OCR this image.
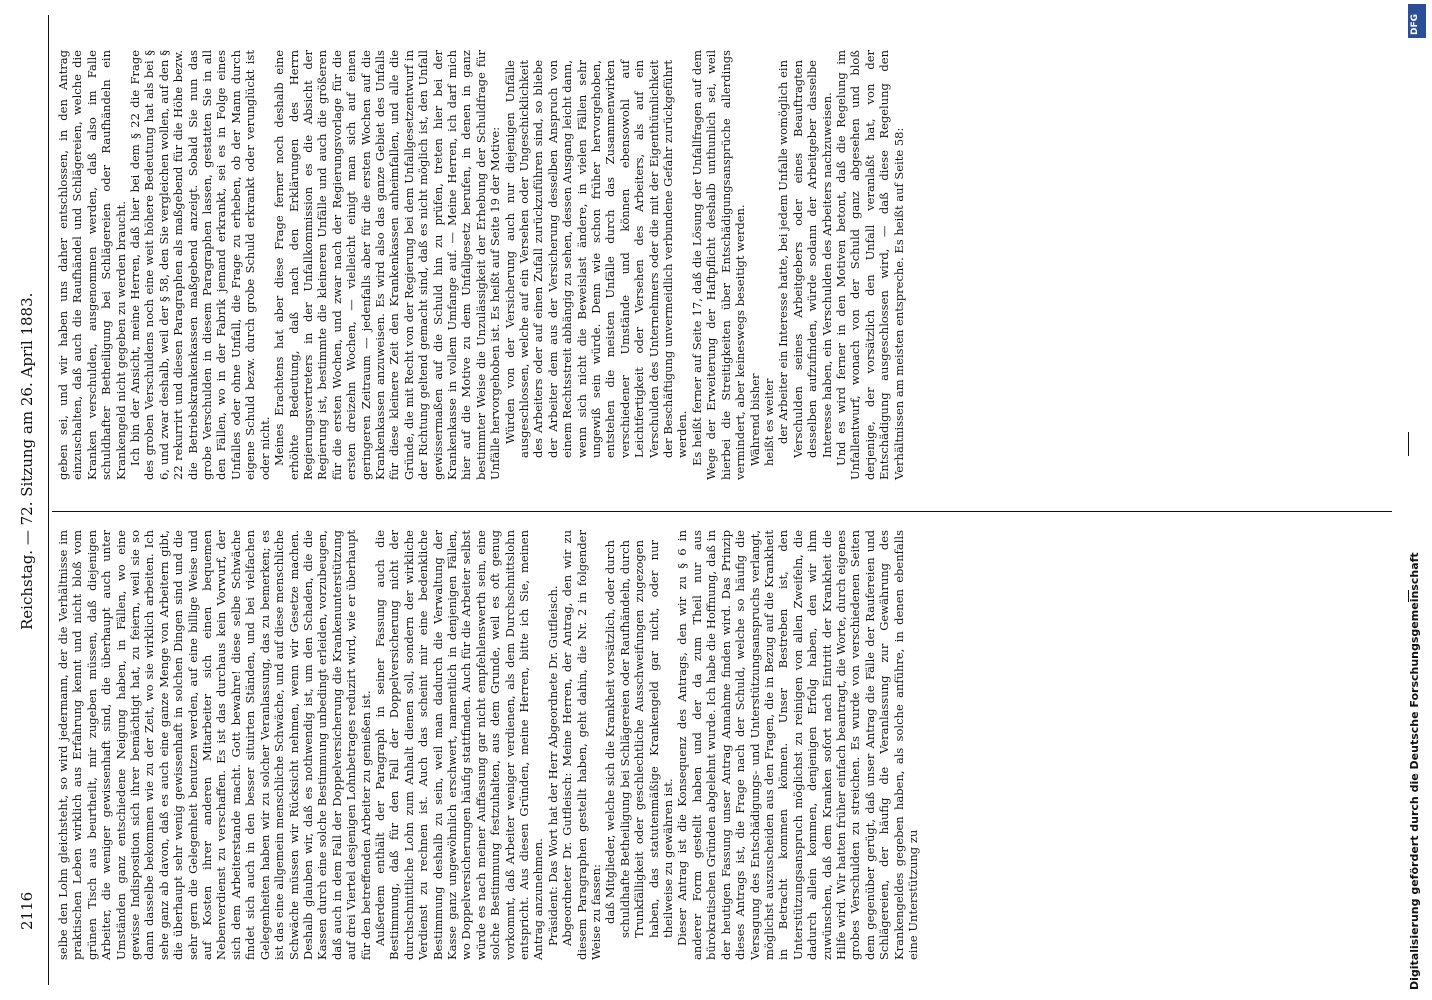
2116
Reichstag. — 72. Sitzung am 26. April 1883.

selbe den Lohn gleichsteht, so wird jedermann, der die Verhältnisse im praktischen Leben wirklich aus Erfahrung kennt und nicht bloß vom grünen Tisch aus beurtheilt, mir zugeben müssen, daß diejenigen Arbeiter, die weniger gewissenhaft sind, die überhaupt auch unter Umständen ganz entschiedene Neigung haben, in Fällen, wo eine gewisse Indisposition sich ihrer bemächtigt hat, zu feiern, weil sie so dann dasselbe bekommen wie zu der Zeit, wo sie wirklich arbeiten. Ich sehe ganz ab davon, daß es auch eine ganze Menge von Arbeitern gibt, die überhaupt sehr wenig gewissenhaft in solchen Dingen sind und die sehr gern die Gelegenheit benutzen werden, auf eine billige Weise und auf Kosten ihrer anderen Mitarbeiter sich einen bequemen Nebenverdienst zu verschaffen. Es ist das durchaus kein Vorwurf, der sich dem Arbeiterstande macht. Gott bewahre! diese selbe Schwäche findet sich auch in den besser situirten Ständen, und bei vielfachen Gelegenheiten haben wir zu solcher Veranlassung, das zu bemerken; es ist das eine allgemein menschliche Schwäche, und auf diese menschliche Schwäche müssen wir Rücksicht nehmen, wenn wir Gesetze machen. Deshalb glauben wir, daß es nothwendig ist, um den Schaden, die die Kassen durch eine solche Bestimmung unbedingt erleiden, vorzubeugen, daß auch in dem Fall der Doppelversicherung die Krankenunterstützung auf drei Viertel desjenigen Lohnbetrages reduzirt wird, wie er überhaupt für den betreffenden Arbeiter zu genießen ist. Außerdem enthält der Paragraph in seiner Fassung auch die Bestimmung, daß für den Fall der Doppelversicherung nicht der durchschnittliche Lohn zum Anhalt dienen soll, sondern der wirkliche Verdienst zu rechnen ist. Auch das scheint mir eine bedenkliche Bestimmung deshalb zu sein, weil man dadurch die Verwaltung der Kasse ganz ungewöhnlich erschwert, namentlich in denjenigen Fällen, wo Doppelversicherungen häufig stattfinden. Auch für die Arbeiter selbst würde es nach meiner Auffassung gar nicht empfehlenswerth sein, eine solche Bestimmung festzuhalten, aus dem Grunde, weil es oft genug vorkommt, daß Arbeiter weniger verdienen, als dem Durchschnittslohn entspricht. Aus diesen Gründen, meine Herren, bitte ich Sie, meinen Antrag anzunehmen. Präsident: Das Wort hat der Herr Abgeordnete Dr. Gutfleisch. Abgeordneter Dr. Gutfleisch: Meine Herren, der Antrag, den wir zu diesem Paragraphen gestellt haben, geht dahin, die Nr. 2 in folgender Weise zu fassen: daß Mitglieder, welche sich die Krankheit vorsätzlich, oder durch schuldhafte Betheiligung bei Schlägereien oder Raufhändeln, durch Trunkfälligkeit oder geschlechtliche Ausschweifungen zugezogen haben, das statutenmäßige Krankengeld gar nicht, oder nur theilweise zu gewähren ist. Dieser Antrag ist die Konsequenz des Antrags, den wir zu § 6 in anderer Form gestellt haben und der da zum Theil nur aus bürokratischen Gründen abgelehnt wurde. Ich habe die Hoffnung, daß in der heutigen Fassung unser Antrag Annahme finden wird. Das Prinzip dieses Antrags ist, die Frage nach der Schuld, welche so häufig die Versagung des Entschädigungs- und Unterstützungsanspruchs verlangt, möglichst auszuscheiden aus den Fragen, die in Bezug auf die Krankheit in Betracht kommen können. Unser Bestreben ist, den Unterstützungsanspruch möglichst zu reinigen von allen Zweifeln, die dadurch allein kommen, denjenigen Erfolg haben, den wir ihm zuwünschen, daß dem Kranken sofort nach Eintritt der Krankheit die Hilfe wird. Wir hatten früher einfach beantragt, die Worte, durch eigenes grobes Verschulden zu streichen. Es wurde von verschiedenen Seiten dem gegenüber gerügt, daß unser Antrag die Fälle der Raufereien und Schlägereien, der häufig die Veranlassung zur Gewährung des Krankengeldes gegeben haben, als solche anführe, in denen ebenfalls eine Unterstützung zu

geben sei, und wir haben uns daher entschlossen, in den Antrag einzuschalten, daß auch die Raufhändel und Schlägereien, welche die Kranken verschulden, ausgenommen werden, daß also im Falle schuldhafter Betheiligung bei Schlägereien oder Raufhändeln ein Krankengeld nicht gegeben zu werden braucht. Ich bin der Ansicht, meine Herren, daß hier bei dem § 22 die Frage des groben Verschuldens noch eine weit höhere Bedeutung hat als bei § 6, und zwar deshalb, weil der § 58, den Sie vergleichen wollen, auf den § 22 rekurrirt und diesen Paragraphen als maßgebend für die Höhe bezw. die Betriebskrankenkassen maßgebend anzeigt. Sobald Sie nun das grobe Verschulden in diesem Paragraphen lassen, gestatten Sie in all den Fällen, wo in der Fabrik jemand erkrankt, sei es in Folge eines Unfalles oder ohne Unfall, die Frage zu erheben, ob der Mann durch eigene Schuld bezw. durch grobe Schuld erkrankt oder verunglückt ist oder nicht. Meines Erachtens hat aber diese Frage ferner noch deshalb eine erhöhte Bedeutung, daß nach den Erklärungen des Herrn Regierungsvertreters in der Unfallkommission es die Absicht der Regierung ist, bestimmte die kleineren Unfälle und auch die größeren für die ersten Wochen, und zwar nach der Regierungsvorlage für die ersten dreizehn Wochen, — vielleicht einigt man sich auf einen geringeren Zeitraum — jedenfalls aber für die ersten Wochen auf die Krankenkassen anzuweisen. Es wird also das ganze Gebiet des Unfalls für diese kleinere Zeit den Krankenkassen anheimfallen, und alle die Gründe, die mit Recht von der Regierung bei dem Unfallgesetzentwurf in der Richtung geltend gemacht sind, daß es nicht möglich ist, den Unfall gewissermaßen auf die Schuld hin zu prüfen, treten hier bei der Krankenkasse in vollem Umfange auf. — Meine Herren, ich darf mich hier auf die Motive zu dem Unfallgesetz berufen, in denen in ganz bestimmter Weise die Unzulässigkeit der Erhebung der Schuldfrage für Unfälle hervorgehoben ist. Es heißt auf Seite 19 der Motive: Würden von der Versicherung auch nur diejenigen Unfälle ausgeschlossen, welche auf ein Versehen oder Ungeschicklichkeit des Arbeiters oder auf einen Zufall zurückzuführen sind, so bliebe der Arbeiter dem aus der Versicherung desselben Anspruch von einem Rechtsstreit abhängig zu sehen, dessen Ausgang leicht dann, wenn sich nicht die Beweislast ändere, in vielen Fällen sehr ungewiß sein würde. Denn wie schon früher hervorgehoben, entstehen die meisten Unfälle durch das Zusammenwirken verschiedener Umstände und können ebensowohl auf Leichtfertigkeit oder Versehen des Arbeiters, als auf ein Verschulden des Unternehmers oder die mit der Eigenthümlichkeit der Beschäftigung unvermeidlich verbundene Gefahr zurückgeführt werden. Es heißt ferner auf Seite 17, daß die Lösung der Unfallfragen auf dem Wege der Erweiterung der Haftpflicht deshalb unthunlich sei, weil hierbei die Streitigkeiten über Entschädigungsansprüche allerdings vermindert, aber keineswegs beseitigt werden. Während bisher heißt es weiter der Arbeiter ein Interesse hatte, bei jedem Unfalle womöglich ein Verschulden seines Arbeitgebers oder eines Beauftragten desselben aufzufinden, würde sodann der Arbeitgeber dasselbe Interesse haben, ein Verschulden des Arbeiters nachzuweisen. Und es wird ferner in den Motiven betont, daß die Regelung im Unfallentwurf, wonach von der Schuld ganz abgesehen und bloß derjenige, der vorsätzlich den Unfall veranlaßt hat, von der Entschädigung ausgeschlossen wird, — daß diese Regelung den Verhältnissen am meisten entspreche. Es heißt auf Seite 58:

DFG
Digitalisierung gefördert durch die Deutsche Forschungsgemeinschaft
